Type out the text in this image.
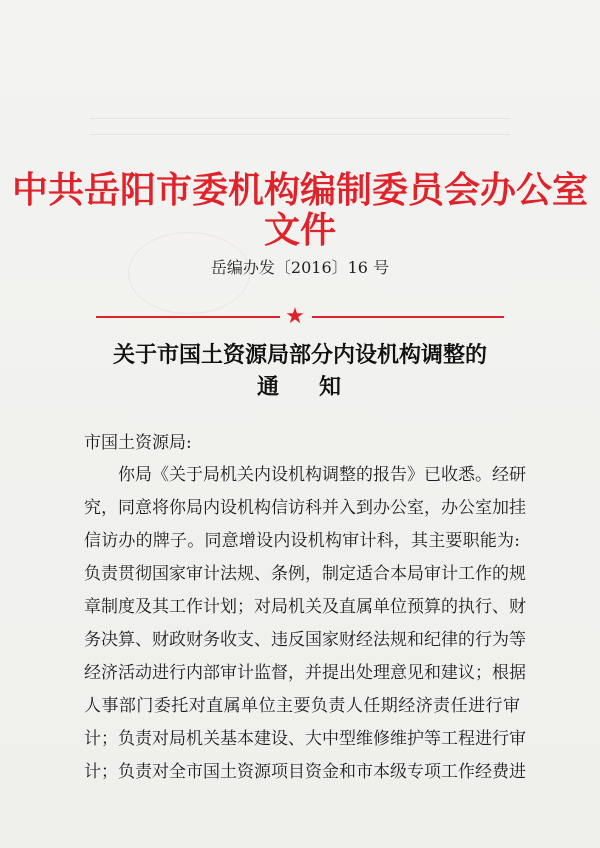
中共岳阳市委机构编制委员会办公室文件
岳编办发〔2016〕16 号
★
关于市国土资源局部分内设机构调整的
通 知
市国土资源局:
你局《关于局机关内设机构调整的报告》已收悉。经研
究，同意将你局内设机构信访科并入到办公室，办公室加挂
信访办的牌子。同意增设内设机构审计科，其主要职能为:
负责贯彻国家审计法规、条例，制定适合本局审计工作的规
章制度及其工作计划；对局机关及直属单位预算的执行、财
务决算、财政财务收支、违反国家财经法规和纪律的行为等
经济活动进行内部审计监督，并提出处理意见和建议；根据
人事部门委托对直属单位主要负责人任期经济责任进行审
计；负责对局机关基本建设、大中型维修维护等工程进行审
计；负责对全市国土资源项目资金和市本级专项工作经费进
